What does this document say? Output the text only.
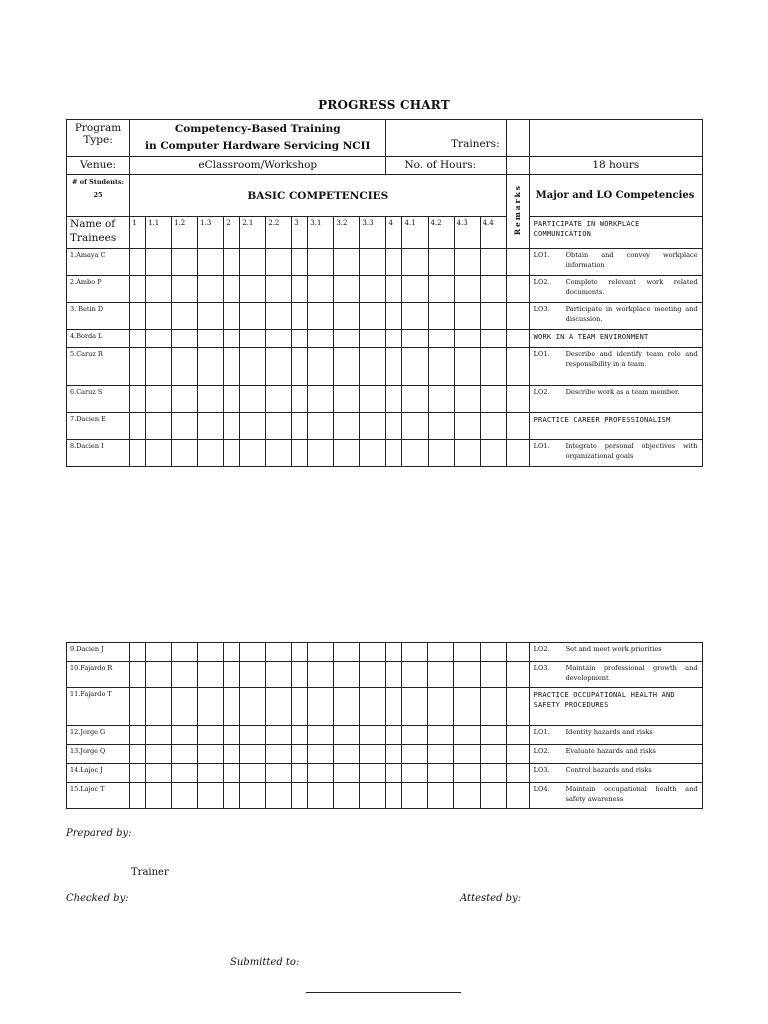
PROGRESS CHART
Program Type:	Competency-Based Training
in Computer Hardware Servicing NCII											Trainers:						
Venue:	eClassroom/Workshop											No. of Hours:						18 hours

# of Students:
25	BASIC COMPETENCIES																Remarks	Major and LO Competencies
Name of Trainees	1	1.1	1.2	1.3	2	2.1	2.2	3	3.1	3.2	3.3	4	4.1	4.2	4.3	4.4		PARTICIPATE IN WORKPLACE COMMUNICATION
1.Amaya C																		LO1. Obtain and convey workplace information
2.Ambo P																		LO2. Complete relevant work related documents.
3. Betin D																		LO3. Participate in workplace meeting and discussion.
4.Borda L																		WORK IN A TEAM ENVIRONMENT
5.Caruz R																		LO1. Describe and identify team role and responsibility in a team.
6.Caruz S																		LO2. Describe work as a team member.
7.Dacien E																		PRACTICE CAREER PROFESSIONALISM
8.Dacien I																		LO1. Integrate personal objectives with organizational goals
9.Dacien J																		LO2. Set and meet work priorities
10.Fajardo R																		LO3. Maintain professional growth and development
11.Fajardo T																		PRACTICE OCCUPATIONAL HEALTH AND SAFETY PROCEDURES
12.Jorge G																		LO1. Identity hazards and risks
13.Jorge Q																		LO2. Evaluate hazards and risks
14.Lajoc J																		LO3. Control hazards and risks
15.Lajoc T																		LO4. Maintain occupational health and safety awareness
Prepared by:
Trainer
Checked by:	Attested by:
Submitted to:
